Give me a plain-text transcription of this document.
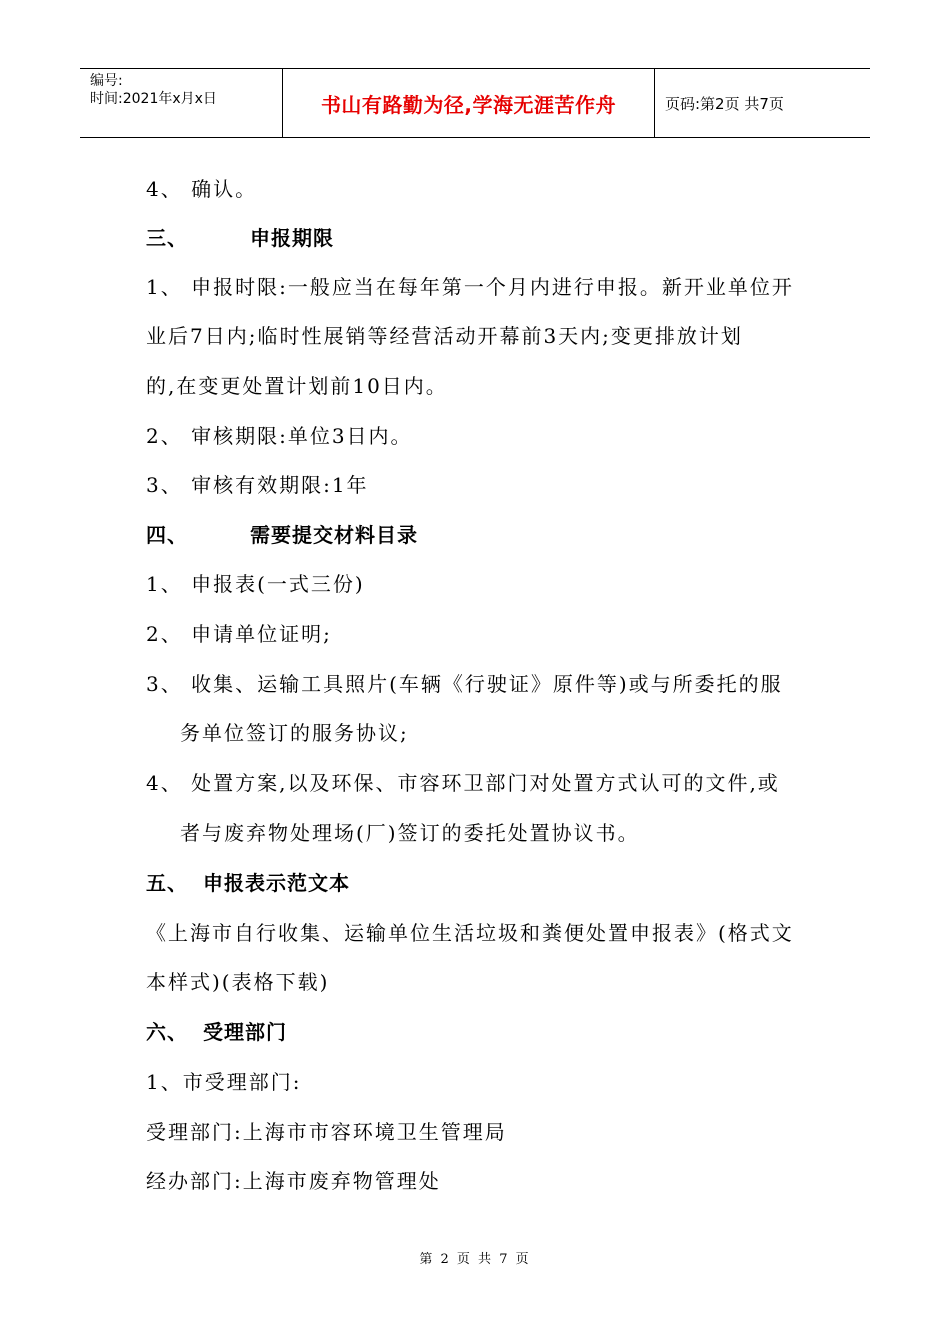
编号:
时间:2021年x月x日	书山有路勤为径,学海无涯苦作舟	页码:第2页 共7页
4、 确认。
三、	申报期限
1、 申报时限:一般应当在每年第一个月内进行申报。新开业单位开
业后7日内;临时性展销等经营活动开幕前3天内;变更排放计划
的,在变更处置计划前10日内。
2、 审核期限:单位3日内。
3、 审核有效期限:1年
四、	需要提交材料目录
1、 申报表(一式三份)
2、 申请单位证明;
3、 收集、运输工具照片(车辆《行驶证》原件等)或与所委托的服
务单位签订的服务协议;
4、 处置方案,以及环保、市容环卫部门对处置方式认可的文件,或
者与废弃物处理场(厂)签订的委托处置协议书。
五、 申报表示范文本
《上海市自行收集、运输单位生活垃圾和粪便处置申报表》(格式文
本样式)(表格下载)
六、 受理部门
1、市受理部门:
受理部门:上海市市容环境卫生管理局
经办部门:上海市废弃物管理处
第 2 页 共 7 页
